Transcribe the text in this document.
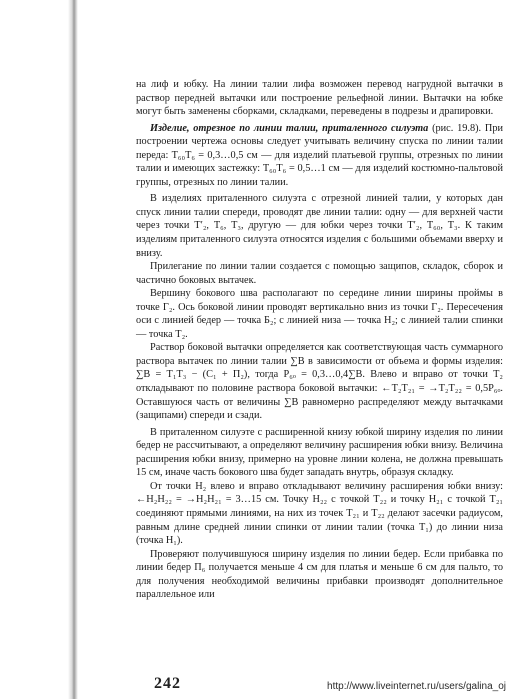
на лиф и юбку. На линии талии лифа возможен перевод нагрудной вытачки в раствор передней вытачки или построение рельефной линии. Вытачки на юбке могут быть заменены сборками, складками, переведены в подрезы и драпировки.

Изделие, отрезное по линии талии, приталенного силуэта (рис. 19.8). При построении чертежа основы следует учитывать величину спуска по линии талии переда: Т₆₀Т₆ = 0,3…0,5 см — для изделий платьевой группы, отрезных по линии талии и имеющих застежку: Т₆₀Т₆ = 0,5…1 см — для изделий костюмно-пальтовой группы, отрезных по линии талии.

В изделиях приталенного силуэта с отрезной линией талии, у которых дан спуск линии талии спереди, проводят две линии талии: одну — для верхней части через точки Т′₂, Т₆, Т₃, другую — для юбки через точки Т′₂, Т₆₀, Т₃. К таким изделиям приталенного силуэта относятся изделия с большими объемами вверху и внизу.

Прилегание по линии талии создается с помощью защипов, складок, сборок и частично боковых вытачек.

Вершину бокового шва располагают по середине линии ширины проймы в точке Г₂. Ось боковой линии проводят вертикально вниз из точки Г₂. Пересечения оси с линией бедер — точка Б₂; с линией низа — точка Н₂; с линией талии спинки — точка Т₂.

Раствор боковой вытачки определяется как соответствующая часть суммарного раствора вытачек по линии талии ∑В в зависимости от объема и формы изделия: ∑В = Т₁Т₃ − (С₁ + П₂), тогда Р₆ₒ = 0,3…0,4∑В. Влево и вправо от точки Т₂ откладывают по половине раствора боковой вытачки: ←Т₂Т₂₁ = →Т₂Т₂₂ = 0,5Р₆ₒ. Оставшуюся часть от величины ∑В равномерно распределяют между вытачками (защипами) спереди и сзади.

В приталенном силуэте с расширенной книзу юбкой ширину изделия по линии бедер не рассчитывают, а определяют величину расширения юбки внизу. Величина расширения юбки внизу, примерно на уровне линии колена, не должна превышать 15 см, иначе часть бокового шва будет западать внутрь, образуя складку.

От точки Н₂ влево и вправо откладывают величину расширения юбки внизу: ←Н₂Н₂₂ = →Н₂Н₂₁ = 3…15 см. Точку Н₂₂ с точкой Т₂₂ и точку Н₂₁ с точкой Т₂₁ соединяют прямыми линиями, на них из точек Т₂₁ и Т₂₂ делают засечки радиусом, равным длине средней линии спинки от линии талии (точка Т₁) до линии низа (точка Н₁).

Проверяют получившуюся ширину изделия по линии бедер. Если прибавка по линии бедер П₆ получается меньше 4 см для платья и меньше 6 см для пальто, то для получения необходимой величины прибавки производят дополнительное параллельное или

242	http://www.liveinternet.ru/users/galina_oj
